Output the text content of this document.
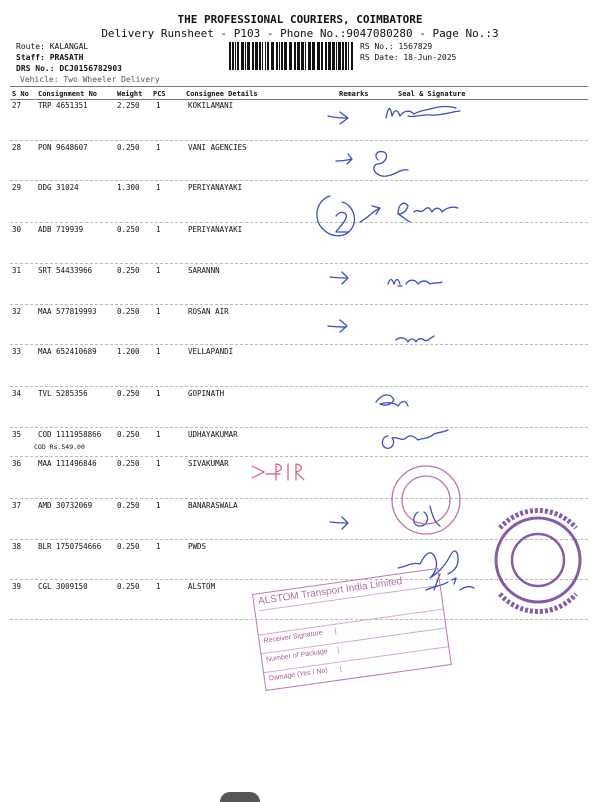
THE PROFESSIONAL COURIERS, COIMBATORE
Delivery Runsheet - P103 - Phone No.:9047080280 - Page No.:3
Route: KALANGAL
Staff: PRASATH
DRS No.: DCJ0156782903
Vehicle: Two Wheeler Delivery
RS No.: 1567829
RS Date: 18-Jun-2025
S No Consignment No	Weight PCS	Consignee Details	Remarks	Seal & Signature
27 TRP 4651351	2.250 1	KOKILAMANI
28 PON 9648607	0.250 1	VANI AGENCIES
29 DDG 31024	1.300 1	PERIYANAYAKI
30 ADB 719939	0.250 1	PERIYANAYAKI
31 SRT 54433966	0.250 1	SARANNN
32 MAA 577819993	0.250 1	ROSAN AIR
33 MAA 652410689	1.200 1	VELLAPANDI
34 TVL 5285356	0.250 1	GOPINATH
35 COD 1111958866 0.250 1	UDHAYAKUMAR
COD Rs.549.00
36 MAA 111496846	0.250 1	SIVAKUMAR
37 AMD 30732069	0.250 1	BANARASWALA
38 BLR 1750754666 0.250 1	PWDS
39 CGL 3009150	0.250 1	ALSTOM	ALSTOM Transport India Limited
Receiver Signature
Number of Package
Damage (Yes / No)
